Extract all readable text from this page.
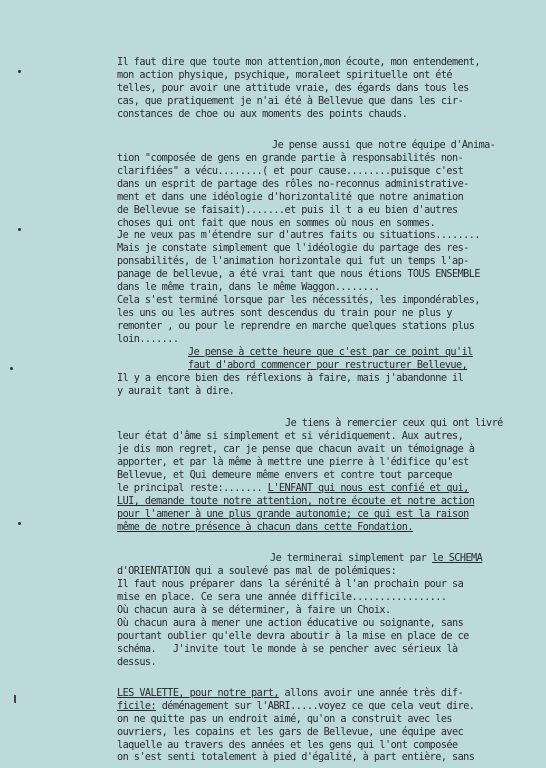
Il faut dire que toute mon attention,mon écoute, mon entendement,
mon action physique, psychique, moraleet spirituelle ont été
telles, pour avoir une attitude vraie, des égards dans tous les
cas, que pratiquement je n'ai été à Bellevue que dans les cir-
constances de choe ou aux moments des points chauds.
Je pense aussi que notre équipe d'Anima-
tion "composée de gens en grande partie à responsabilités non-
clarifiées" a vécu........( et pour cause........puisque c'est
dans un esprit de partage des rôles no-reconnus administrative-
ment et dans une idéologie d'horizontalité que notre animation
de Bellevue se faisait).......et puis il t a eu bien d'autres
choses qui ont fait que nous en sommes où nous en sommes.
Je ne veux pas m'étendre sur d'autres faits ou situations........
Mais je constate simplement que l'idéologie du partage des res-
ponsabilités, de l'animation horizontale qui fut un temps l'ap-
panage de bellevue, a été vrai tant que nous étions TOUS ENSEMBLE
dans le même train, dans le même Waggon........
Cela s'est terminé lorsque par les nécessités, les impondérables,
les uns ou les autres sont descendus du train pour ne plus y
remonter , ou pour le reprendre en marche quelques stations plus
loin.......
Je pense à cette heure que c'est par ce point qu'il
faut d'abord commencer pour restructurer Bellevue,
Il y a encore bien des réflexions à faire, mais j'abandonne il
y aurait tant à dire.
Je tiens à remercier ceux qui ont livré
leur état d'âme si simplement et si véridiquement. Aux autres,
je dis mon regret, car je pense que chacun avait un témoignage à
apporter, et par là même à mettre une pierre à l'édifice qu'est
Bellevue, et Qui demeure même envers et contre tout parceque
le principal reste:....... L'ENFANT qui nous est confié et qui,
LUI, demande toute notre attention, notre écoute et notre action
pour l'amener à une plus grande autonomie; ce qui est la raison
même de notre présence à chacun dans cette Fondation.
Je terminerai simplement par le SCHEMA
d'ORIENTATION qui a soulevé pas mal de polémiques:
Il faut nous préparer dans la sérénité à l'an prochain pour sa
mise en place. Ce sera une année difficile.................
Où chacun aura à se déterminer, à faire un Choix.
Où chacun aura à mener une action éducative ou soignante, sans
pourtant oublier qu'elle devra aboutir à la mise en place de ce
schéma. J'invite tout le monde à se pencher avec sérieux là
dessus.
LES VALETTE, pour notre part, allons avoir une année très dif-
ficile: déménagement sur l'ABRI.....voyez ce que cela veut dire.
on ne quitte pas un endroit aimé, qu'on a construit avec les
ouvriers, les copains et les gars de Bellevue, une équipe avec
laquelle au travers des années et les gens qui l'ont composée
on s'est senti totalement à pied d'égalité, à part entière, sans
